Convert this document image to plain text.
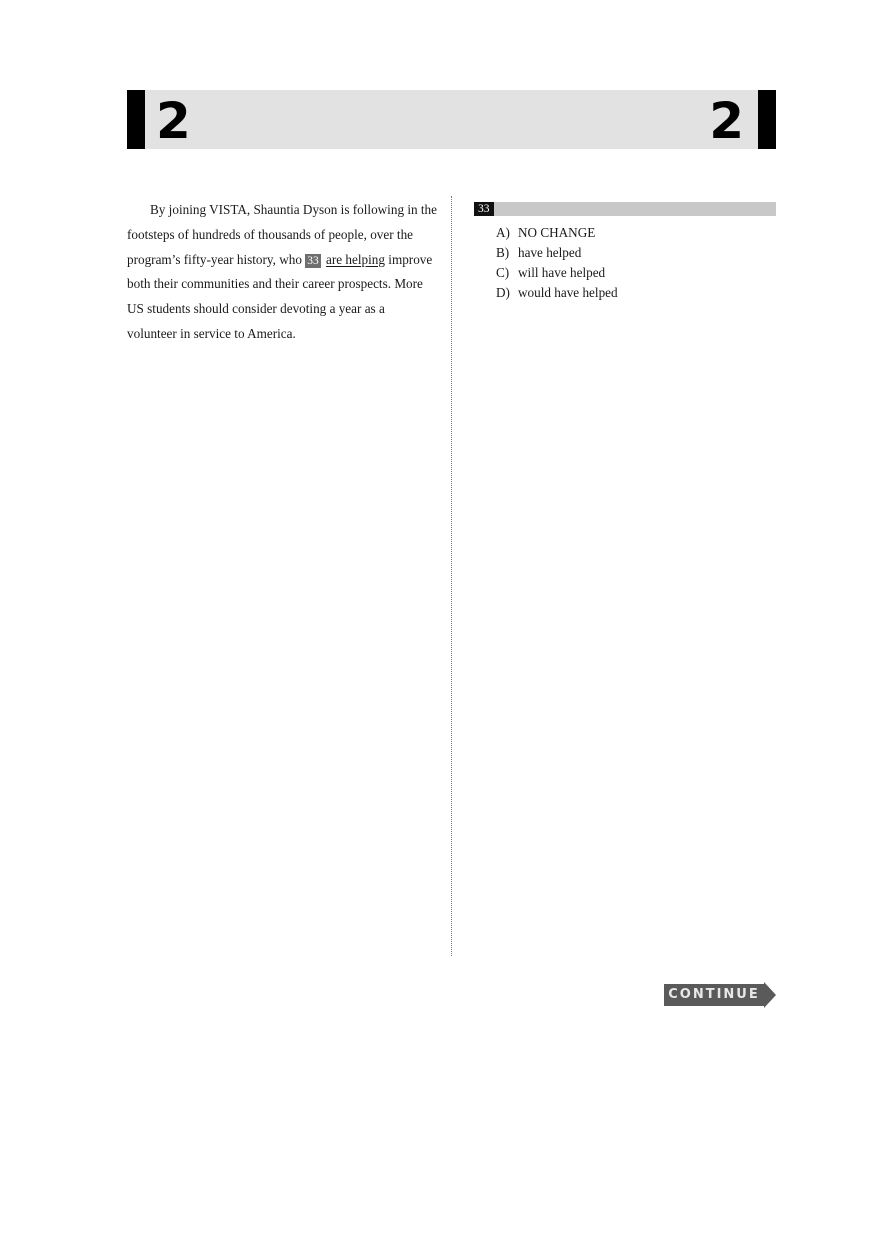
2	2

By joining VISTA, Shauntia Dyson is following in the footsteps of hundreds of thousands of people, over the program’s fifty-year history, who 33 are helping improve both their communities and their career prospects. More US students should consider devoting a year as a volunteer in service to America.

33
A) NO CHANGE
B) have helped
C) will have helped
D) would have helped
CONTINUE
